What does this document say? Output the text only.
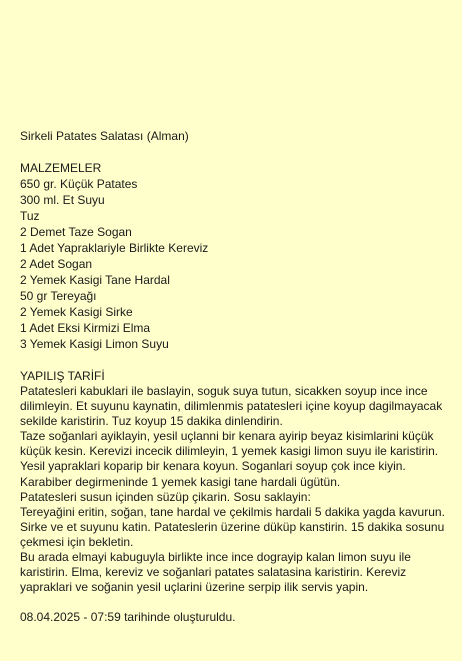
Sirkeli Patates Salatası (Alman)

MALZEMELER

650 gr. Küçük Patates

300 ml. Et Suyu

Tuz

2 Demet Taze Sogan

1 Adet Yapraklariyle Birlikte Kereviz

2 Adet Sogan

2 Yemek Kasigi Tane Hardal

50 gr Tereyağı

2 Yemek Kasigi Sirke

1 Adet Eksi Kirmizi Elma

3 Yemek Kasigi Limon Suyu

YAPILIŞ TARİFİ

Patatesleri kabuklari ile baslayin, soguk suya tutun, sicakken soyup ince ince dilimleyin. Et suyunu kaynatin, dilimlenmis patatesleri içine koyup dagilmayacak sekilde karistirin. Tuz koyup 15 dakika dinlendirin.

Taze soğanlari ayiklayin, yesil uçlanni bir kenara ayirip beyaz kisimlarini küçük küçük kesin. Kerevizi incecik dilimleyin, 1 yemek kasigi limon suyu ile karistirin. Yesil yapraklari koparip bir kenara koyun. Soganlari soyup çok ince kiyin. Karabiber degirmeninde 1 yemek kasigi tane hardali ügütün.

Patatesleri susun içinden süzüp çikarin. Sosu saklayin:

Tereyağini eritin, soğan, tane hardal ve çekilmis hardali 5 dakika yagda kavurun. Sirke ve et suyunu katin. Patateslerin üzerine düküp kanstirin. 15 dakika sosunu çekmesi için bekletin.

Bu arada elmayi kabuguyla birlikte ince ince dograyip kalan limon suyu ile karistirin. Elma, kereviz ve soğanlari patates salatasina karistirin. Kereviz yapraklari ve soğanin yesil uçlarini üzerine serpip ilik servis yapin.

08.04.2025 - 07:59 tarihinde oluşturuldu.
